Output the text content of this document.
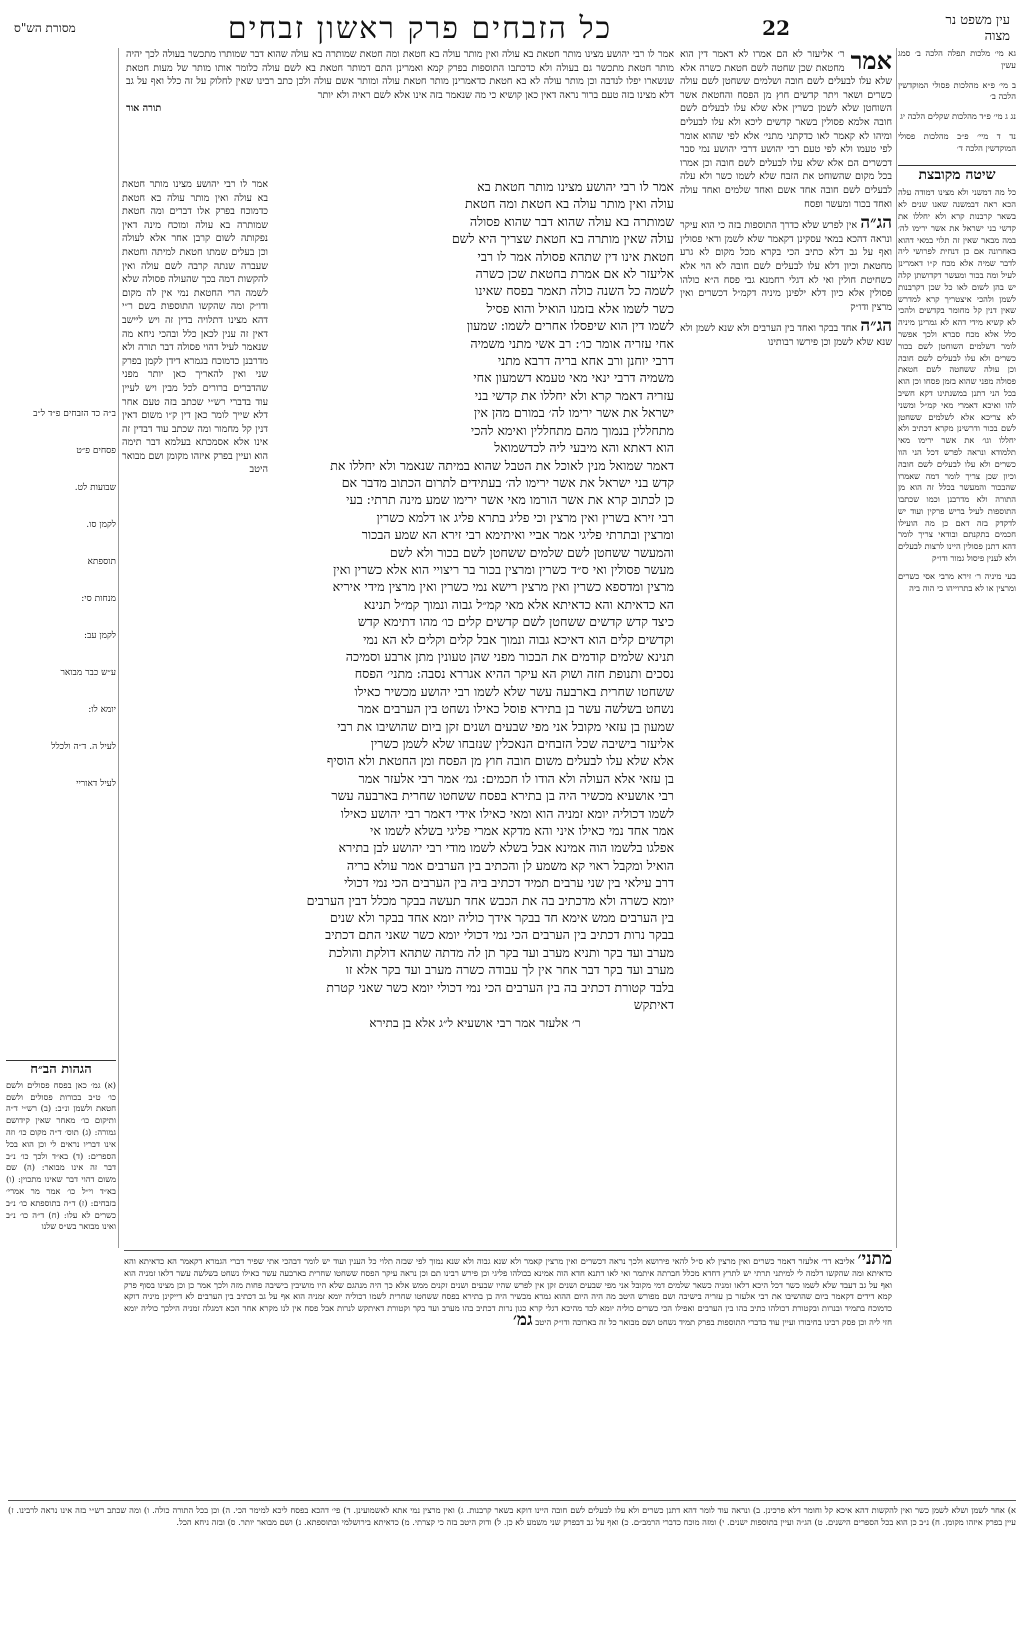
עין משפט נר מצוה
22
כל הזבחים פרק ראשון זבחים
מסורת הש"ס

גא מי׳ מלכות תפלה הלכה ב׳ סמג עשין

ב מי׳ פ״א מהלכות פסולי המוקדשין הלכה ב׳

נג ג מי׳ פ״ד מהלכות שקלים הלכה יג

נד ד מיי׳ פ״ב מהלכות פסולי המוקדשין הלכה ד׳

שיטה מקובצת

כל מה דמשני ולא מצינו דמודה עלה הכא ראה דבמשנה שאנו שנים לא בשאר קרבנות קרא ולא יחללו את קדשי בני ישראל את אשר ירימו לה׳ במה מבאר שאין זה תלוי במאי דהוא באחרונה אם כן דנחית לפרושי ליה לדבר שמיה אלא מכח ק״ו דאמרינן לעיל ומה בכור ומעשר דקדושתן קלה יש בהן לשום לאו כל שכן דקרבנות לשמן ולהכי איצטריך קרא למדרש שאין דנין קל מחומר בקדשים ולהכי לא קשיא מידי דהא לא גמרינן מיניה כלל אלא מכח סברא ולכך אפשר לומר דשלמים השוחטן לשם בכור כשרים ולא עלו לבעלים לשם חובה וכן עולה ששחטה לשם חטאת פסולה מפני שהוא בזמן פסחו וכן הוא בכל הני דתנן במשנתינו דקא חשיב להו ואיכא דאמרי מאי קמ״ל ומשני לא צריכא אלא לשלמים ששחטן לשם בכור ודרשינן מקרא דכתיב ולא יחללו וגו׳ את אשר ירימו מאי תלמודא ונראה לפרש דכל הני הוו כשרים ולא עלו לבעלים לשם חובה וכיון שכן צריך לומר דמה שאמרו שהבכור והמעשר בכלל זה הוא מן התורה ולא מדרבנן וכמו שכתבו התוספות לעיל בריש פרקין ועוד יש לדקדק בזה דאם כן מה הועילו חכמים בתקנתם ובודאי צריך לומר דהא דתנן פסולין היינו לרצות לבעלים ולא לענין פיסול גמור ודו״ק

בעי מיניה ר׳ זירא מרבי אסי כשרים ומרצין או לא בתרוייהו כי הוה ביה

אמר
ר׳ אליעזר לא הם אמרו לא דאמר דין הוא מחטאת שכן שחטה לשם חטאת כשרה אלא שלא עלו לבעלים לשם חובה ושלמים ששחטן לשם עולה כשרים ושאר ויתר קדשים חוץ מן הפסח והחטאת אשר השוחטן שלא לשמן כשרין אלא שלא עלו לבעלים לשם חובה אלמא פסולין בשאר קדשים ליכא ולא עלו לבעלים ומיהו לא קאמר לאו כדקתני מתני׳ אלא לפי שהוא אומר לפי טעמו ולא לפי טעם רבי יהושע דרבי יהושע נמי סבר דכשרים הם אלא שלא עלו לבעלים לשם חובה וכן אמרו בכל מקום שהשוחט את הזבח שלא לשמו כשר ולא עלה לבעלים לשם חובה אחד אשם ואחד שלמים ואחד עולה ואחד בכור ומעשר ופסח

הג״ה אין לפרש שלא כדרך התוספות בזה כי הוא עיקר ונראה דהכא במאי עסקינן דקאמר שלא לשמן ודאי פסולין ואף על גב דלא כתיב הכי בקרא מכל מקום לא גרע מחטאת וכיון דלא עלו לבעלים לשם חובה לא הוי אלא כשחיטת חולין ואי לא דגלי רחמנא גבי פסח ה״א כולהו פסולין אלא כיון דלא ילפינן מיניה דקמ״ל דכשרים ואין מרצין ודו״ק

הג״ה אחד בבקר ואחד בין הערבים ולא שנא לשמן ולא שנא שלא לשמן וכן פירשו רבותינו

אמר לו רבי יהושע מצינו מותר חטאת בא עולה ואין מותר עולה בא חטאת ומה חטאת שמותרה בא עולה שהוא דבר שמותרו מתכשר בעולה לכך יהיה מותר חטאת מתכשר גם בעולה ולא כדכתבו התוספות בפרק קמא ואמרינן התם דמותר חטאת בא לשם עולה כלומר אותו מותר של מעות חטאת שנשארו יפלו לנדבה וכן מותר עולה לא בא חטאת כדאמרינן מותר חטאת עולה ומותר אשם עולה ולכן כתב רבינו שאין לחלוק על זה כלל ואף על גב דלא מצינו בזה טעם ברור נראה דאין כאן קושיא כי מה שנאמר בזה אינו אלא לשם ראיה ולא יותר

תורה אור

אמר לו רבי יהושע מצינו מותר חטאת בא
עולה ואין מותר עולה בא חטאת ומה חטאת
שמותרה בא עולה שהוא דבר שהוא פסולה
עולה שאין מותרה בא חטאת שצריך היא לשם
חטאת אינו דין שתהא פסולה אמר לו רבי
אליעזר לא אם אמרת בחטאת שכן כשרה
לשמה כל השנה כולה תאמר בפסח שאינו
כשר לשמו אלא בזמנו הואיל והוא פסיל
לשמו דין הוא שיפסלו אחרים לשמו: שמעון
אחי עזריה אומר כו׳: רב אשי מתני משמיה
דרבי יוחנן ורב אחא בריה דרבא מתני
משמיה דרבי ינאי מאי טעמא דשמעון אחי
עזריה דאמר קרא ולא יחללו את קדשי בני
ישראל את אשר ירימו לה׳ במורם מהן אין
מתחללין בנמוך מהם מתחללין ואימא להכי
הוא דאתא והא מיבעי ליה לכדשמואל
דאמר שמואל מנין לאוכל את הטבל שהוא במיתה שנאמר ולא יחללו את
קדש בני ישראל את אשר ירימו לה׳ בעתידים לתרום הכתוב מדבר אם
כן לכתוב קרא את אשר הורמו מאי אשר ירימו שמע מינה תרתי: בעי
רבי זירא בשרין ואין מרצין וכי פליג בתרא פליג או דלמא כשרין
ומרצין ובתרתי פליגי אמר אביי ואיתימא רבי זירא הא שמע הבכור
והמעשר ששחטן לשם שלמים ששחטן לשם בכור ולא לשם
מעשר פסולין ואי ס״ד כשרין ומרצין בכור בר ריצויי הוא אלא כשרין ואין
מרצין ומדספא כשרין ואין מרצין רישא נמי כשרין ואין מרצין מידי איריא
הא כדאיתא והא כדאיתא אלא מאי קמ״ל גבוה ונמוך קמ״ל תנינא
כיצד קדש קדשים ששחטן לשם קדשים קלים כו׳ מהו דתימא קדש
וקדשים קלים הוא דאיכא גבוה ונמוך אבל קלים וקלים לא הא נמי
תנינא שלמים קודמים את הבכור מפני שהן טעונין מתן ארבע וסמיכה
נסכים ותנופת חזה ושוק הא עיקר ההיא אגררא נסבה: מתני׳ הפסח
ששחטו שחרית בארבעה עשר שלא לשמו רבי יהושע מכשיר כאילו
נשחט בשלשה עשר בן בתירא פוסל כאילו נשחט בין הערבים אמר
שמעון בן עזאי מקובל אני מפי שבעים ושנים זקן ביום שהושיבו את רבי
אליעזר בישיבה שכל הזבחים הנאכלין שנזבחו שלא לשמן כשרין
אלא שלא עלו לבעלים משום חובה חוץ מן הפסח ומן החטאת ולא הוסיף
בן עזאי אלא העולה ולא הודו לו חכמים: גמ׳ אמר רבי אלעזר אמר
רבי אושעיא מכשיר היה בן בתירא בפסח ששחטו שחרית בארבעה עשר
לשמו דכוליה יומא זמניה הוא ומאי כאילו אידי דאמר רבי יהושע כאילו
אמר אחד נמי כאילו איני והא מדקא אמרי פליגי בשלא לשמו אי
אפלגו בלשמו הוה אמינא אבל בשלא לשמו מודי רבי יהושע לבן בתירא
הואיל ומקבל ראוי קא משמע לן והכתיב בין הערבים אמר עולא בריה
דרב עילאי בין שני ערבים תמיד דכתיב ביה בין הערבים הכי נמי דכולי
יומא כשרה ולא מדכתיב בה את הכבש אחד תעשה בבקר מכלל דבין הערבים
בין הערבים ממש אימא חד בבקר אידך כוליה יומא אחד בבקר ולא שנים
בבקר נרות דכתיב בין הערבים הכי נמי דכולי יומא כשר שאני התם דכתיב
מערב ועד בקר ותניא מערב ועד בקר תן לה מדתה שתהא דולקת והולכת
מערב ועד בקר דבר אחר אין לך עבודה כשרה מערב ועד בקר אלא זו
בלבד קטורת דכתיב בה בין הערבים הכי נמי דכולי יומא כשר שאני קטרת
דאיתקש
ר׳ אלעזר אמר רבי אושעיא ל״ג אלא בן בתירא

אמר לו רבי יהושע מצינו מותר חטאת בא עולה ואין מותר עולה בא חטאת כדמוכח בפרק אלו דברים ומה חטאת שמותרה בא עולה ומוכח מינה דאין נפקותה לשום קרבן אחר אלא לעולה וכן בעלים שמתו חטאת למיתה וחטאת שעברה שנתה קרבה לשם עולה ואין להקשות דמה בכך שהעולה פסולה שלא לשמה הרי החטאת נמי אין לה מקום ודו״ק ומה שהקשו התוספות בשם ר״י דהא מצינו דתלויה בדין זה ויש ליישב דאין זה ענין לכאן כלל ובהכי ניחא מה שנאמר לעיל דהוי פסולה דבר תורה ולא מדרבנן כדמוכח בגמרא דידן לקמן בפרק שני ואין להאריך כאן יותר מפני שהדברים ברורים לכל מבין ויש לעיין עוד בדברי רש״י שכתב בזה טעם אחר דלא שייך לומר כאן דין ק״ו משום דאין דנין קל מחמור ומה שכתב עוד דבדין זה אינו אלא אסמכתא בעלמא דבר תימה הוא ועיין בפרק איזהו מקומן ושם מבואר היטב

ב״ה כד הזבחים פ״ד ל״ב

פסחים פ״ט

שבועות לט.

לקמן סו.

תוספתא

מנחות סי:

לקמן עב:

ע״ש כבר מבואר

יומא לו:

לעיל ה. ד״ה ולכלל

לעיל דאוריי

הגהות הב״ח

(א) גמ׳ כאן בפסח פסולים ולשם כו׳ ט״ב בכורות פסולים ולשם חטאת ולשמן ונ״ב: (ב) רש״י ד״ה ותיקום כו׳ מאחר שאין קידושם גמורה: (ג) תוס׳ ד״ה מקום כו׳ וזה אינו דבריו נראים לי וכן הוא בכל הספרים: (ד) בא״ד ולכך כו׳ נ״ב דבר זה אינו מבואר: (ה) שם משום דהוי דבר שאינו מתכוין: (ו) בא״ד וי״ל כו׳ אמר מר אמרי׳ בזבחים: (ז) ד״ה בתוספתא כו׳ נ״ב כשרים לא עלו: (ח) ד״ה כו׳ נ״ב ואינו מבואר בש״ס שלנו

מתני׳ אליבא דר׳ אלעזר דאמר כשרים ואין מרצין לא ס״ל להאי פירושא ולכך נראה דכשרים ואין מרצין קאמר ולא שנא גבוה ולא שנא נמוך לפי שבזה תלוי כל הענין ועוד יש לומר דבהכי אתי שפיר דברי הגמרא דקאמר הא כדאיתא והא כדאיתא ומה שהקשו דלמה לי למיתני תרתי יש לתרץ דחדא מכלל חברתה איתמר ואי לאו דתנא חדא הוה אמינא בכולהו פליגי וכן פירש רבינו תם וכן נראה עיקר הפסח ששחטו שחרית בארבעה עשר כאילו נשחט בשלשה עשר דלאו זמניה הוא ואף על גב דעבד שלא לשמו כשר דכל היכא דלאו זמניה כשאר שלמים דמי מקובל אני מפי שבעים ושנים זקן אין לפרש שהיו שבעים ושנים זקנים ממש אלא כך היה מנהגם שלא היו מושיבין בישיבה פחות מזה ולכך אמר כן וכן מצינו בסוף פרק קמא דידים דקאמר ביום שהושיבו את רבי אלעזר בן עזריה בישיבה ושם מפורש היטב מה היה היום ההוא גמרא מכשיר היה בן בתירא בפסח ששחטו שחרית לשמו דכוליה יומא זמניה הוא אף על גב דכתיב בין הערבים לא דייקינן מיניה דוקא כדמוכח בתמיד ובנרות ובקטורת דכולהו כתיב בהו בין הערבים ואפילו הכי כשרים כוליה יומא לבד מהיכא דגלי קרא כגון נרות דכתיב בהו מערב ועד בקר וקטורת דאיתקש לנרות אבל פסח אין לנו מקרא אחר הכא דמגלה זמניה הילכך כוליה יומא חזי ליה וכן פסק רבינו בחיבורו ועיין עוד בדברי התוספות בפרק תמיד נשחט ושם מבואר כל זה בארוכה ודו״ק היטב גמ׳

א) אחר לשמן ושלא לשמן כשר ואין להקשות דהא איכא קל וחומר דלא פרכינן. ב) ונראה עוד לומר דהא דתנן כשרים ולא עלו לבעלים לשם חובה היינו דוקא בשאר קרבנות. ג) ואין מרצין נמי אתא לאשמועינן. ד) פי׳ דהכא בפסח ליכא למימר הכי. ה) וכן בכל התורה כולה. ו) ומה שכתב רש״י בזה אינו נראה לרבינו. ז) עיין בפרק איזהו מקומן. ח) נ״ב כן הוא בכל הספרים הישנים. ט) הג״ה ועיין בתוספות ישנים. י) ומזה מוכח כדברי הרמב״ם. כ) ואף על גב דבפרק שני משמע לא כן. ל) ודוק היטב בזה כי קצרתי. מ) כדאיתא בירושלמי ובתוספתא. נ) ושם מבואר יותר. ס) ובזה ניחא הכל.
